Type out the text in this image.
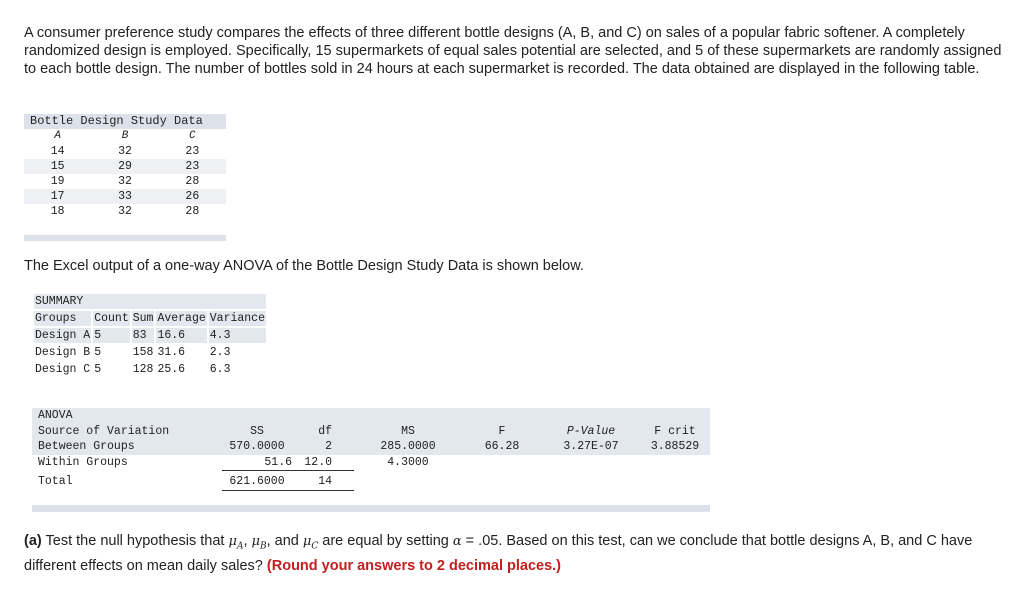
A consumer preference study compares the effects of three different bottle designs (A, B, and C) on sales of a popular fabric softener. A completely randomized design is employed. Specifically, 15 supermarkets of equal sales potential are selected, and 5 of these supermarkets are randomly assigned to each bottle design. The number of bottles sold in 24 hours at each supermarket is recorded. The data obtained are displayed in the following table.

Bottle Design Study Data		
A	B	C
14	32	23
15	29	23
19	32	28
17	33	26
18	32	28

The Excel output of a one-way ANOVA of the Bottle Design Study Data is shown below.

SUMMARY				
Groups	Count	Sum	Average	Variance
Design A	5	83	16.6	4.3
Design B	5	158	31.6	2.3
Design C	5	128	25.6	6.3
ANOVA						
Source of Variation	SS	df	MS	F	P-Value	F crit
Between Groups	570.0000	2	285.0000	66.28	3.27E-07	3.88529
Within Groups	51.6	12.0	4.3000			
Total	621.6000	14				

(a) Test the null hypothesis that $\mu_A$, $\mu_B$, and $\mu_C$ are equal by setting α = .05. Based on this test, can we conclude that bottle designs A, B, and C have different effects on mean daily sales? (Round your answers to 2 decimal places.)
